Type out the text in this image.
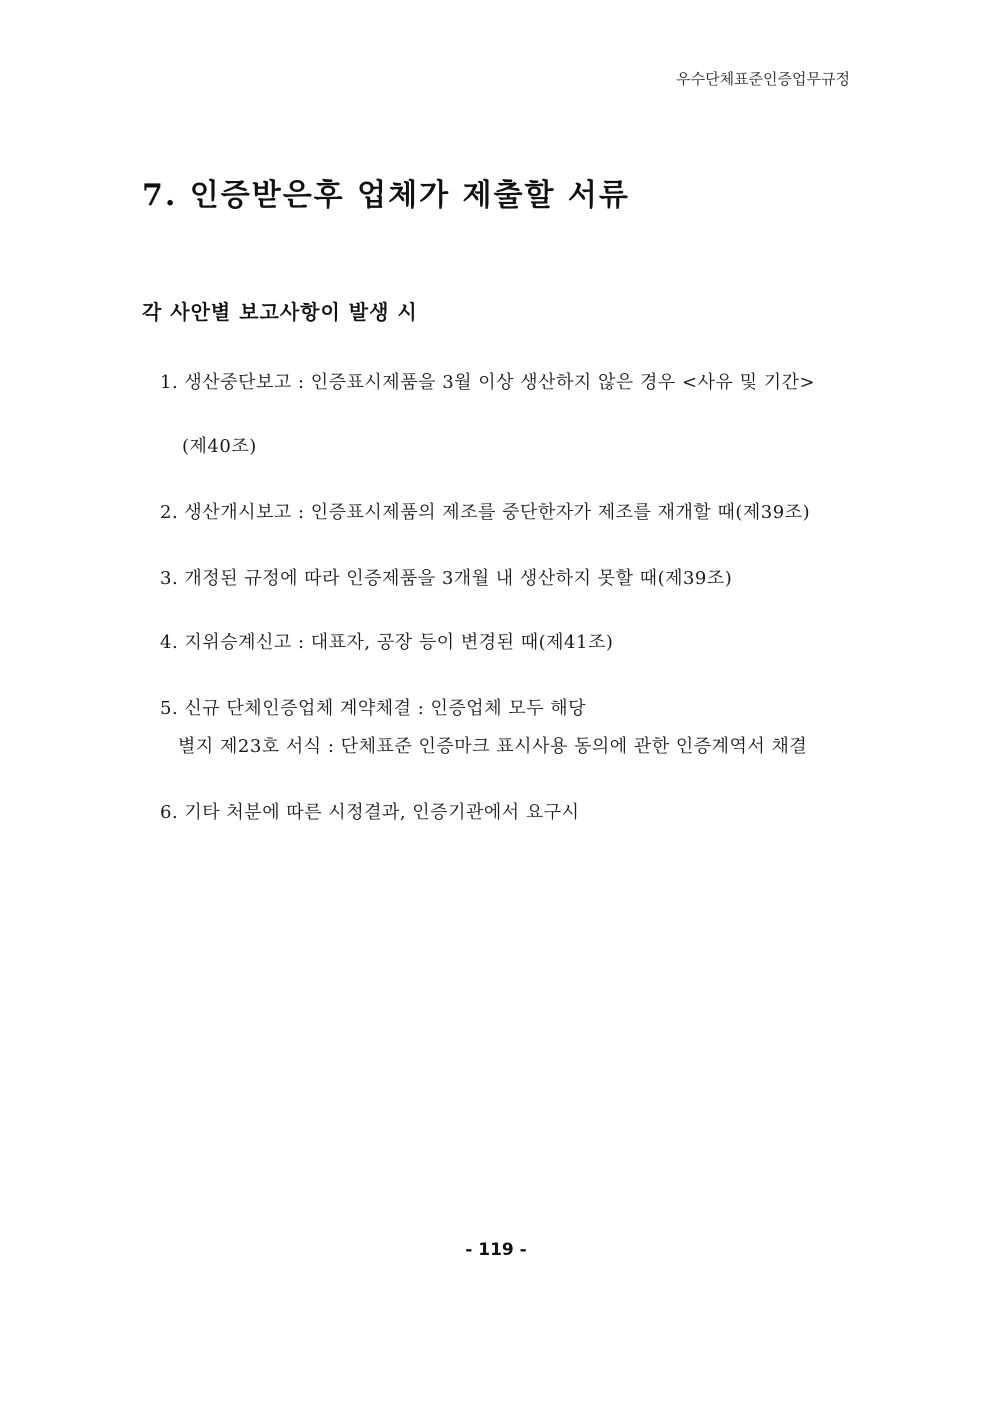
우수단체표준인증업무규정
7. 인증받은후 업체가 제출할 서류
각 사안별 보고사항이 발생 시
1. 생산중단보고 : 인증표시제품을 3월 이상 생산하지 않은 경우 <사유 및 기간>
(제40조)
2. 생산개시보고 : 인증표시제품의 제조를 중단한자가 제조를 재개할 때(제39조)
3. 개정된 규정에 따라 인증제품을 3개월 내 생산하지 못할 때(제39조)
4. 지위승계신고 : 대표자, 공장 등이 변경된 때(제41조)
5. 신규 단체인증업체 계약체결 : 인증업체 모두 해당
별지 제23호 서식 : 단체표준 인증마크 표시사용 동의에 관한 인증계역서 채결
6. 기타 처분에 따른 시정결과, 인증기관에서 요구시
- 119 -
